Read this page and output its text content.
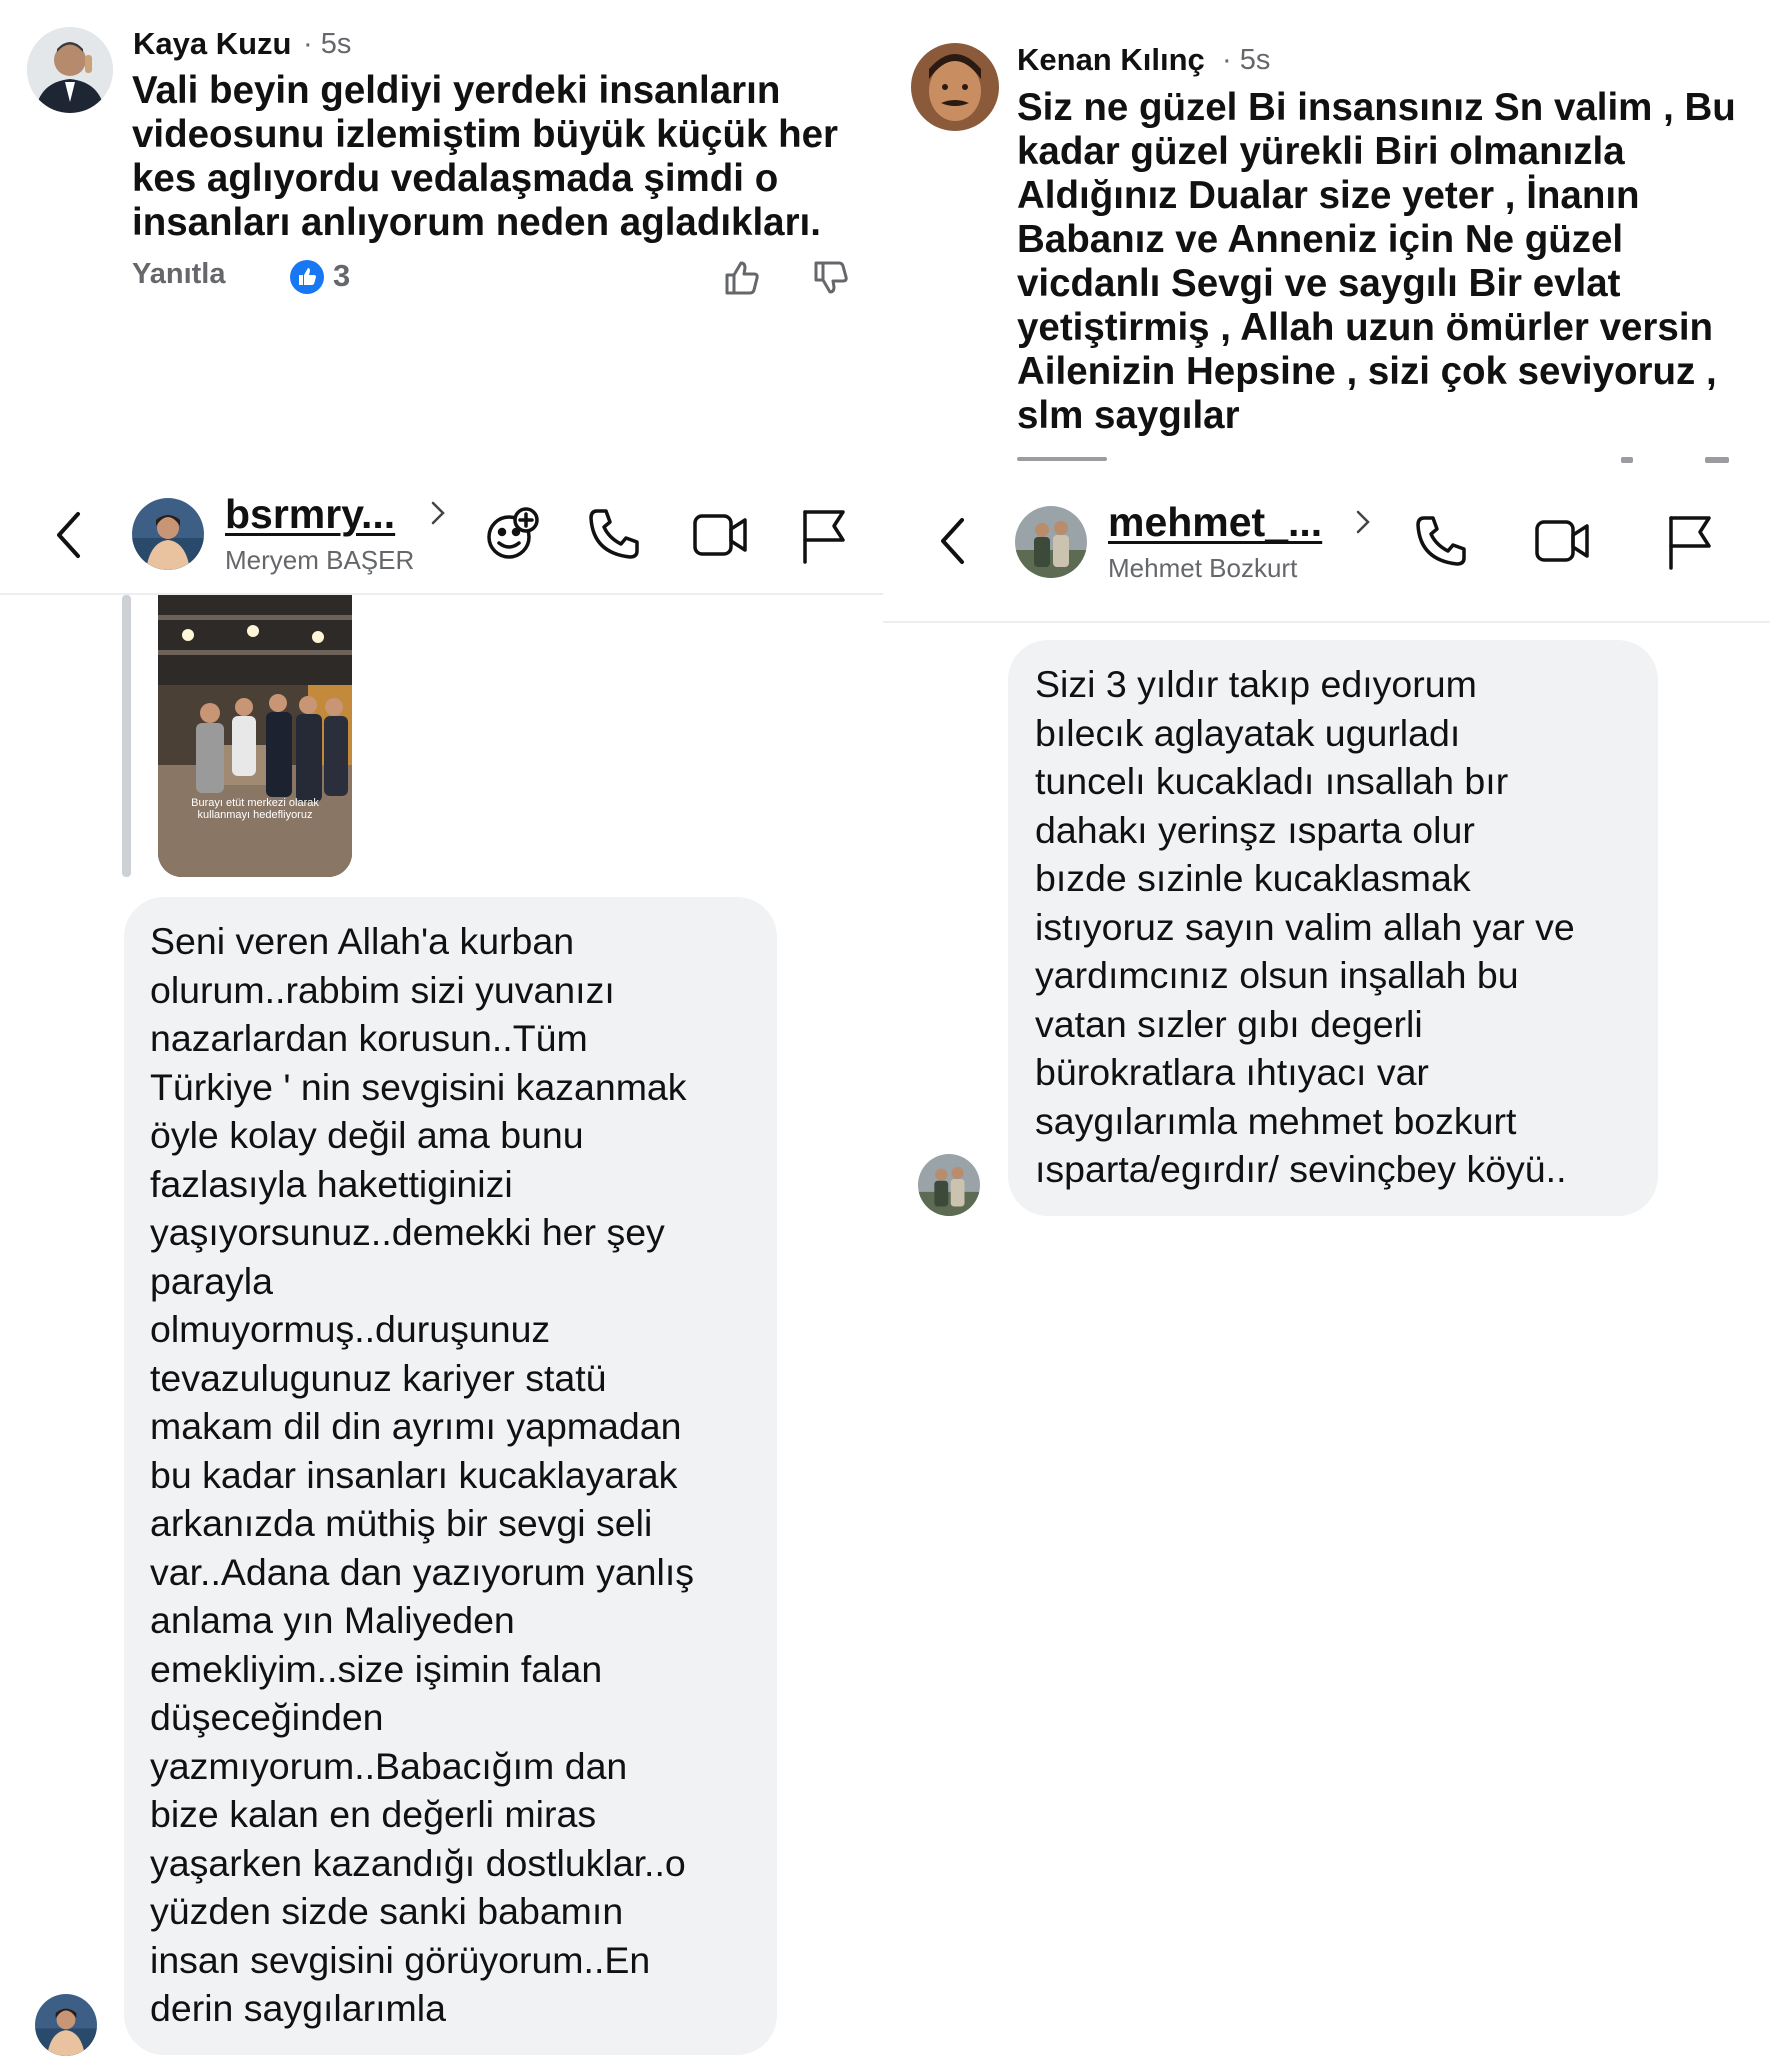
Kaya Kuzu · 5s
Vali beyin geldiyi yerdeki insanların
videosunu izlemiştim büyük küçük her
kes aglıyordu vedalaşmada şimdi o
insanları anlıyorum neden agladıkları.
Yanıtla	3
Kenan Kılınç · 5s
Siz ne güzel Bi insansınız Sn valim , Bu
kadar güzel yürekli Biri olmanızla
Aldığınız Dualar size yeter , İnanın
Babanız ve Anneniz için Ne güzel
vicdanlı Sevgi ve saygılı Bir evlat
yetiştirmiş , Allah uzun ömürler versin
Ailenizin Hepsine , sizi çok seviyoruz ,
slm saygılar
bsrmry...
Meryem BAŞER
mehmet_...
Mehmet Bozkurt
Burayı etüt merkezi olarak
kullanmayı hedefliyoruz
Seni veren Allah'a kurban
olurum..rabbim sizi yuvanızı
nazarlardan korusun..Tüm
Türkiye ' nin sevgisini kazanmak
öyle kolay değil ama bunu
fazlasıyla hakettiginizi
yaşıyorsunuz..demekki her şey
parayla
olmuyormuş..duruşunuz
tevazulugunuz kariyer statü
makam dil din ayrımı yapmadan
bu kadar insanları kucaklayarak
arkanızda müthiş bir sevgi seli
var..Adana dan yazıyorum yanlış
anlama yın Maliyeden
emekliyim..size işimin falan
düşeceğinden
yazmıyorum..Babacığım dan
bize kalan en değerli miras
yaşarken kazandığı dostluklar..o
yüzden sizde sanki babamın
insan sevgisini görüyorum..En
derin saygılarımla
Sizi 3 yıldır takıp edıyorum
bılecık aglayatak ugurladı
tuncelı kucakladı ınsallah bır
dahakı yerinşz ısparta olur
bızde sızinle kucaklasmak
istıyoruz sayın valim allah yar ve
yardımcınız olsun inşallah bu
vatan sızler gıbı degerli
bürokratlara ıhtıyacı var
saygılarımla mehmet bozkurt
ısparta/egırdır/ sevinçbey köyü..
